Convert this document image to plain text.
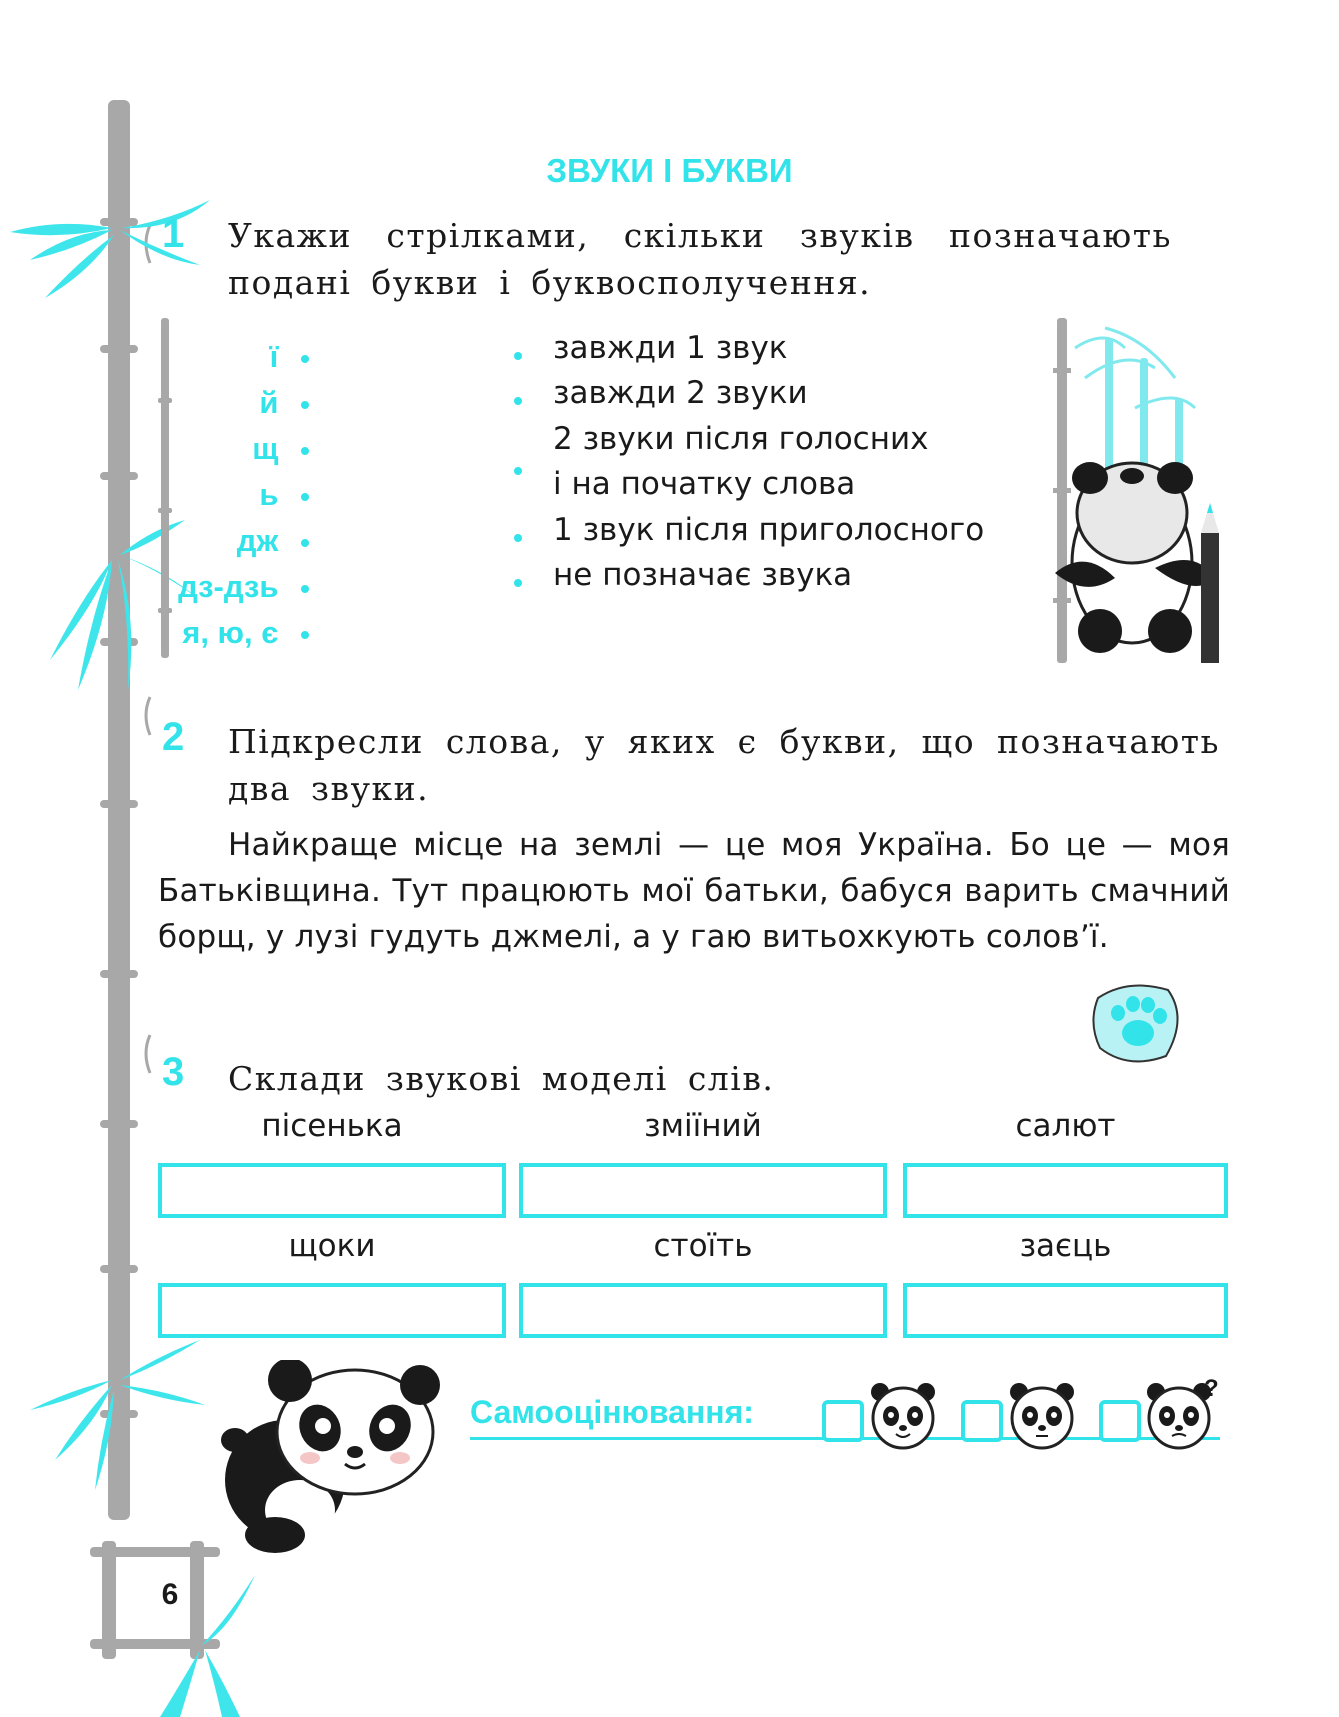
6
ЗВУКИ І БУКВИ
1 Укажи стрілками, скільки звуків позначають подані букви і буквосполучення.
ї
й
щ
ь
дж
дз-дзь
я, ю, є
завжди 1 звук
завжди 2 звуки
2 звуки після голосних
і на початку слова
1 звук після приголосного
не позначає звука
2 Підкресли слова, у яких є букви, що позначають два звуки.
Найкраще місце на землі — це моя Україна. Бо це — моя Батьківщина. Тут працюють мої батьки, бабуся варить смачний борщ, у лузі гудуть джмелі, а у гаю витьохкують солов’ї.
3 Склади звукові моделі слів.
пісенька	зміїний	салют
щоки	стоїть	заєць
Самооцінювання:
?
